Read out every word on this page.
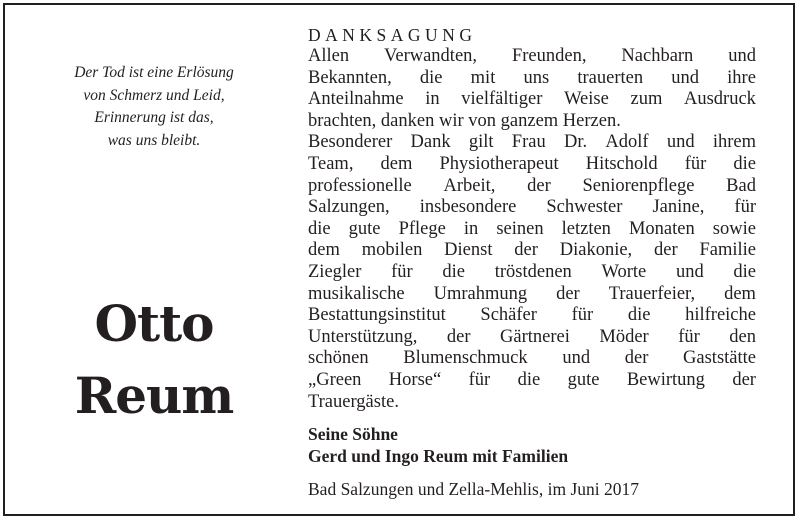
Der Tod ist eine Erlösung
von Schmerz und Leid,
Erinnerung ist das,
was uns bleibt.
Otto
Reum
DANKSAGUNG
Allen Verwandten, Freunden, Nachbarn und
Bekannten, die mit uns trauerten und ihre
Anteilnahme in vielfältiger Weise zum Ausdruck
brachten, danken wir von ganzem Herzen.
Besonderer Dank gilt Frau Dr. Adolf und ihrem
Team, dem Physiotherapeut Hitschold für die
professionelle Arbeit, der Seniorenpflege Bad
Salzungen, insbesondere Schwester Janine, für
die gute Pflege in seinen letzten Monaten sowie
dem mobilen Dienst der Diakonie, der Familie
Ziegler für die tröstdenen Worte und die
musikalische Umrahmung der Trauerfeier, dem
Bestattungsinstitut Schäfer für die hilfreiche
Unterstützung, der Gärtnerei Möder für den
schönen Blumenschmuck und der Gaststätte
„Green Horse“ für die gute Bewirtung der
Trauergäste.
Seine Söhne
Gerd und Ingo Reum mit Familien
Bad Salzungen und Zella-Mehlis, im Juni 2017
